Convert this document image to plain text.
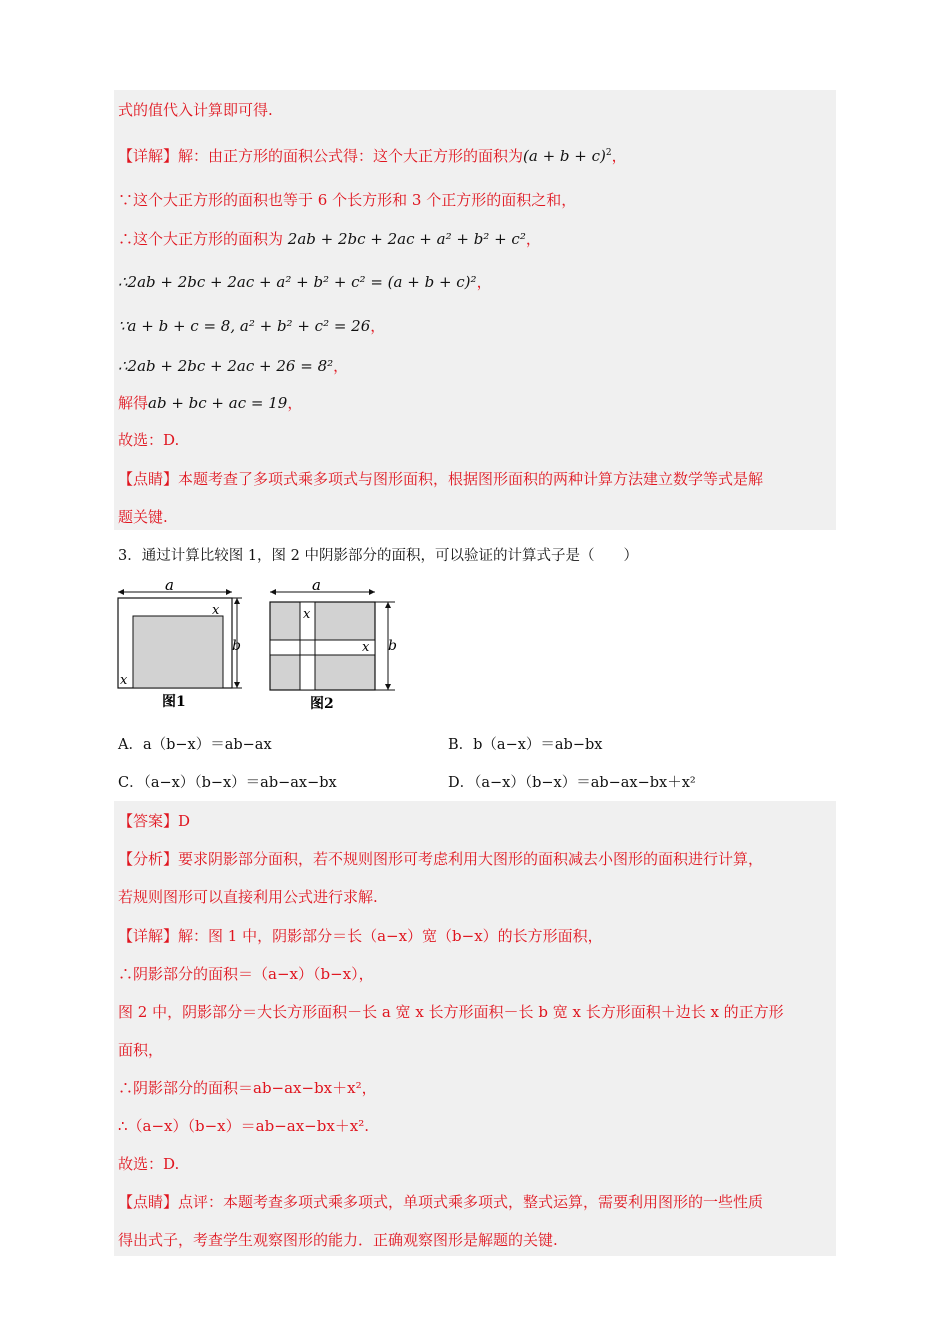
式的值代入计算即可得.
【详解】解：由正方形的面积公式得：这个大正方形的面积为$(a + b + c)^2$，
∵这个大正方形的面积也等于 6 个长方形和 3 个正方形的面积之和，
∴这个大正方形的面积为 2ab + 2bc + 2ac + a² + b² + c²，
∴2ab + 2bc + 2ac + a² + b² + c² = (a + b + c)²，
∵a + b + c = 8, a² + b² + c² = 26，
∴2ab + 2bc + 2ac + 26 = 8²，
解得ab + bc + ac = 19，
故选：D.
【点睛】本题考查了多项式乘多项式与图形面积，根据图形面积的两种计算方法建立数学等式是解
题关键.
3．通过计算比较图 1，图 2 中阴影部分的面积，可以验证的计算式子是（　　）
a
x
x
b
图1
a
x
x b
图2
A．a（b−x）＝ab−ax	B．b（a−x）＝ab−bx
C．（a−x）（b−x）＝ab−ax−bx	D．（a−x）（b−x）＝ab−ax−bx＋x²
【答案】D
【分析】要求阴影部分面积，若不规则图形可考虑利用大图形的面积减去小图形的面积进行计算，
若规则图形可以直接利用公式进行求解.
【详解】解：图 1 中，阴影部分＝长（a−x）宽（b−x）的长方形面积，
∴阴影部分的面积＝（a−x）（b−x），
图 2 中，阴影部分＝大长方形面积－长 a 宽 x 长方形面积－长 b 宽 x 长方形面积＋边长 x 的正方形
面积，
∴阴影部分的面积＝ab−ax−bx＋x²，
∴（a−x）（b−x）＝ab−ax−bx＋x².
故选：D.
【点睛】点评：本题考查多项式乘多项式，单项式乘多项式，整式运算，需要利用图形的一些性质
得出式子，考查学生观察图形的能力．正确观察图形是解题的关键.
